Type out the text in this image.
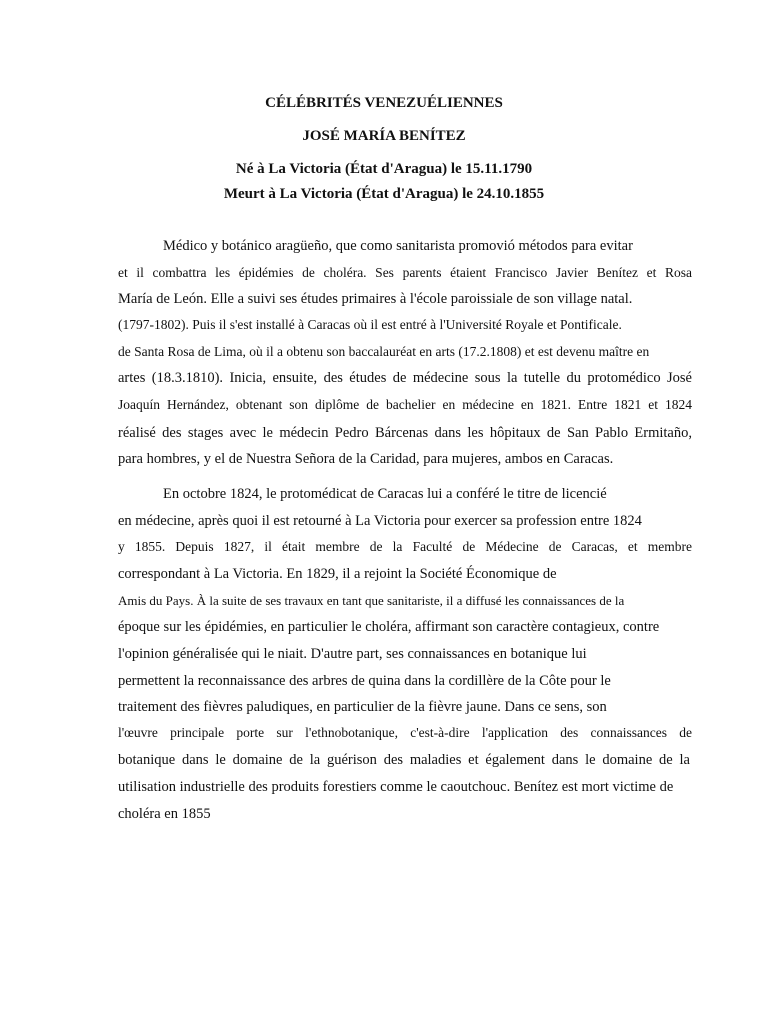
CÉLÉBRITÉS VENEZUÉLIENNES
JOSÉ MARÍA BENÍTEZ
Né à La Victoria (État d'Aragua) le 15.11.1790
Meurt à La Victoria (État d'Aragua) le 24.10.1855
Médico y botánico aragüeño, que como sanitarista promovió métodos para evitar
et il combattra les épidémies de choléra. Ses parents étaient Francisco Javier Benítez et Rosa
María de León. Elle a suivi ses études primaires à l'école paroissiale de son village natal.
(1797-1802). Puis il s'est installé à Caracas où il est entré à l'Université Royale et Pontificale.
de Santa Rosa de Lima, où il a obtenu son baccalauréat en arts (17.2.1808) et est devenu maître en
artes (18.3.1810). Inicia, ensuite, des études de médecine sous la tutelle du protomédico José
Joaquín Hernández, obtenant son diplôme de bachelier en médecine en 1821. Entre 1821 et 1824
réalisé des stages avec le médecin Pedro Bárcenas dans les hôpitaux de San Pablo Ermitaño,
para hombres, y el de Nuestra Señora de la Caridad, para mujeres, ambos en Caracas.
En octobre 1824, le protomédicat de Caracas lui a conféré le titre de licencié
en médecine, après quoi il est retourné à La Victoria pour exercer sa profession entre 1824
y 1855. Depuis 1827, il était membre de la Faculté de Médecine de Caracas, et membre
correspondant à La Victoria. En 1829, il a rejoint la Société Économique de
Amis du Pays. À la suite de ses travaux en tant que sanitariste, il a diffusé les connaissances de la
époque sur les épidémies, en particulier le choléra, affirmant son caractère contagieux, contre
l'opinion généralisée qui le niait. D'autre part, ses connaissances en botanique lui
permettent la reconnaissance des arbres de quina dans la cordillère de la Côte pour le
traitement des fièvres paludiques, en particulier de la fièvre jaune. Dans ce sens, son
l'œuvre principale porte sur l'ethnobotanique, c'est-à-dire l'application des connaissances de
botanique dans le domaine de la guérison des maladies et également dans le domaine de la
utilisation industrielle des produits forestiers comme le caoutchouc. Benítez est mort victime de
choléra en 1855
